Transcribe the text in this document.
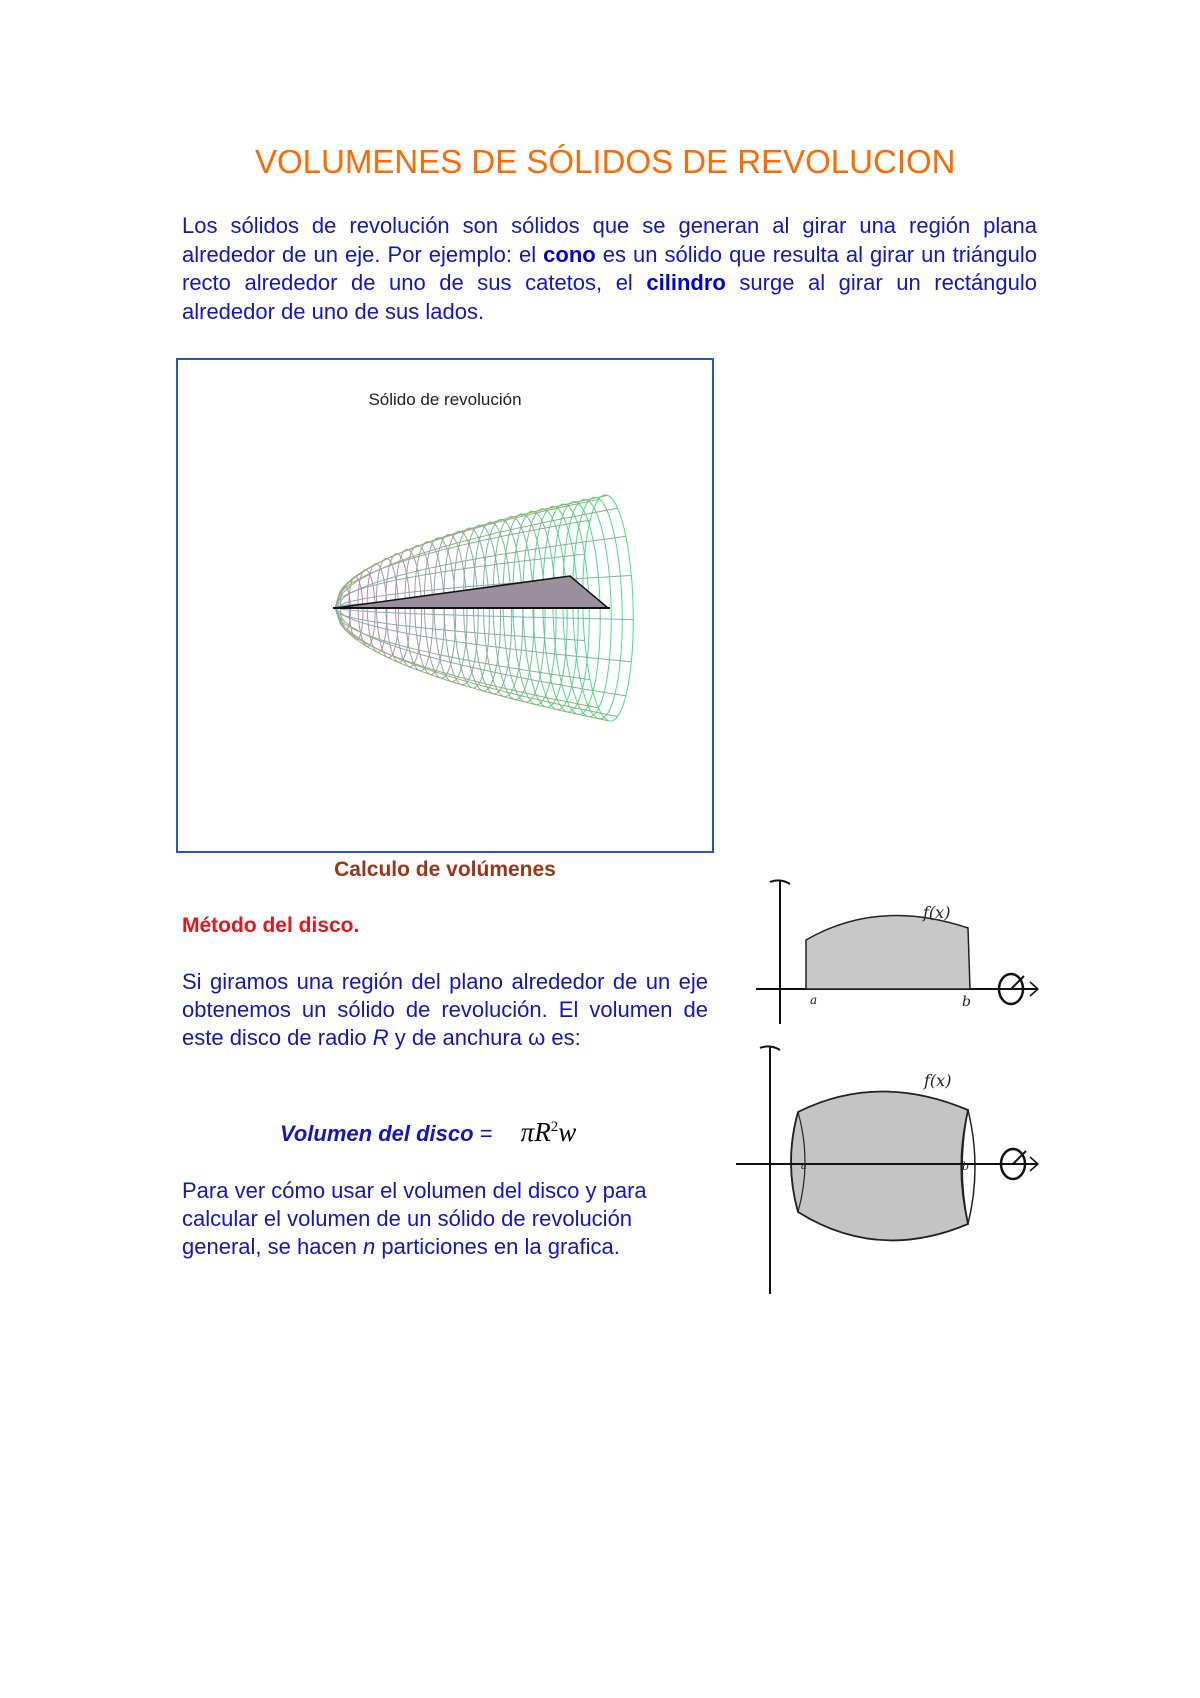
VOLUMENES DE SÓLIDOS DE REVOLUCION

Los sólidos de revolución son sólidos que se generan al girar una región plana alrededor de un eje. Por ejemplo: el cono es un sólido que resulta al girar un triángulo recto alrededor de uno de sus catetos, el cilindro surge al girar un rectángulo alrededor de uno de sus lados.

Sólido de revolución
Calculo de volúmenes
Método del disco.

Si giramos una región del plano alrededor de un eje obtenemos un sólido de revolución. El volumen de este disco de radio R y de anchura ω es:

Volumen del disco = $\pi R^2w$

Para ver cómo usar el volumen del disco y para calcular el volumen de un sólido de revolución general, se hacen n particiones en la grafica.

f(x)
a	b
f(x)
a	b
